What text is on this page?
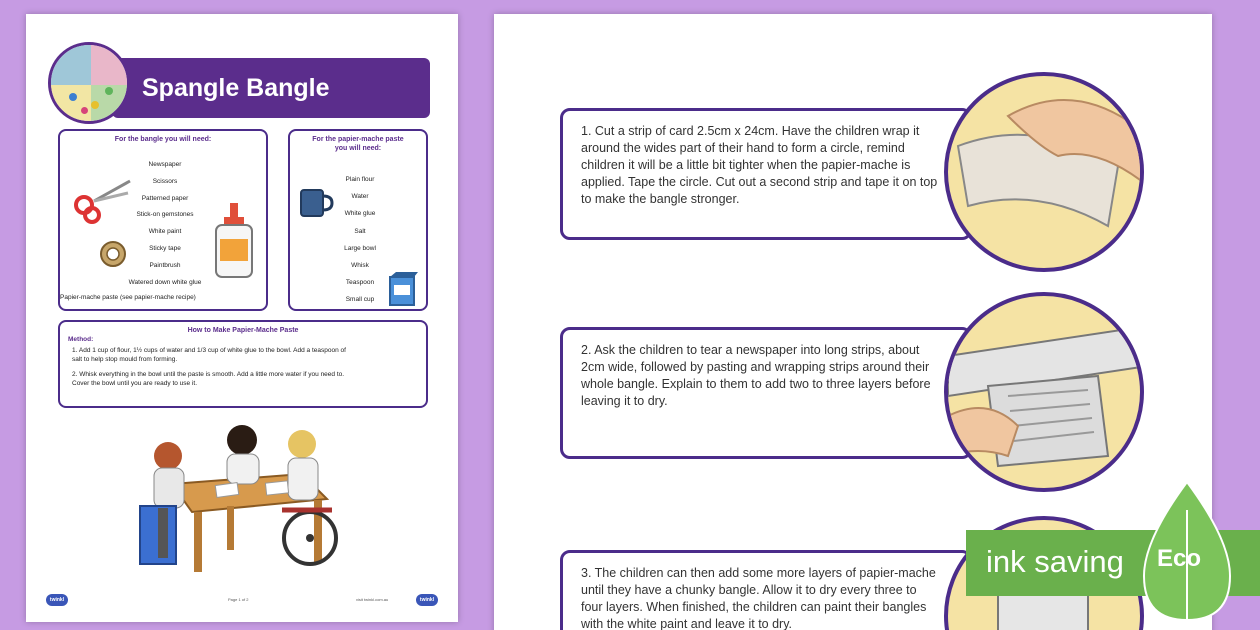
Spangle Bangle
For the bangle you will need:
Newspaper
Scissors
Patterned paper
Stick-on gemstones
White paint
Sticky tape
Paintbrush
Watered down white glue
Papier-mache paste (see papier-mache recipe)
For the papier-mache paste
you will need:
Plain flour
Water
White glue
Salt
Large bowl
Whisk
Teaspoon
Small cup
How to Make Papier-Mache Paste
Method:
1. Add 1 cup of flour, 1½ cups of water and 1/3 cup of white glue to the bowl. Add a teaspoon of
salt to help stop mould from forming.
2. Whisk everything in the bowl until the paste is smooth. Add a little more water if you need to.
Cover the bowl until you are ready to use it.
twinkl	Page 1 of 2	visit twinkl.com.au	twinkl
1. Cut a strip of card 2.5cm x 24cm. Have the children wrap it around the wides part of their hand to form a circle, remind children it will be a little bit tighter when the papier-mache is applied. Tape the circle. Cut out a second strip and tape it on top to make the bangle stronger.
2. Ask the children to tear a newspaper into long strips, about 2cm wide, followed by pasting and wrapping strips around their whole bangle. Explain to them to add two to three layers before leaving it to dry.
3. The children can then add some more layers of papier-mache until they have a chunky bangle. Allow it to dry every three to four layers. When finished, the children can paint their bangles with the white paint and leave it to dry.
ink saving Eco
